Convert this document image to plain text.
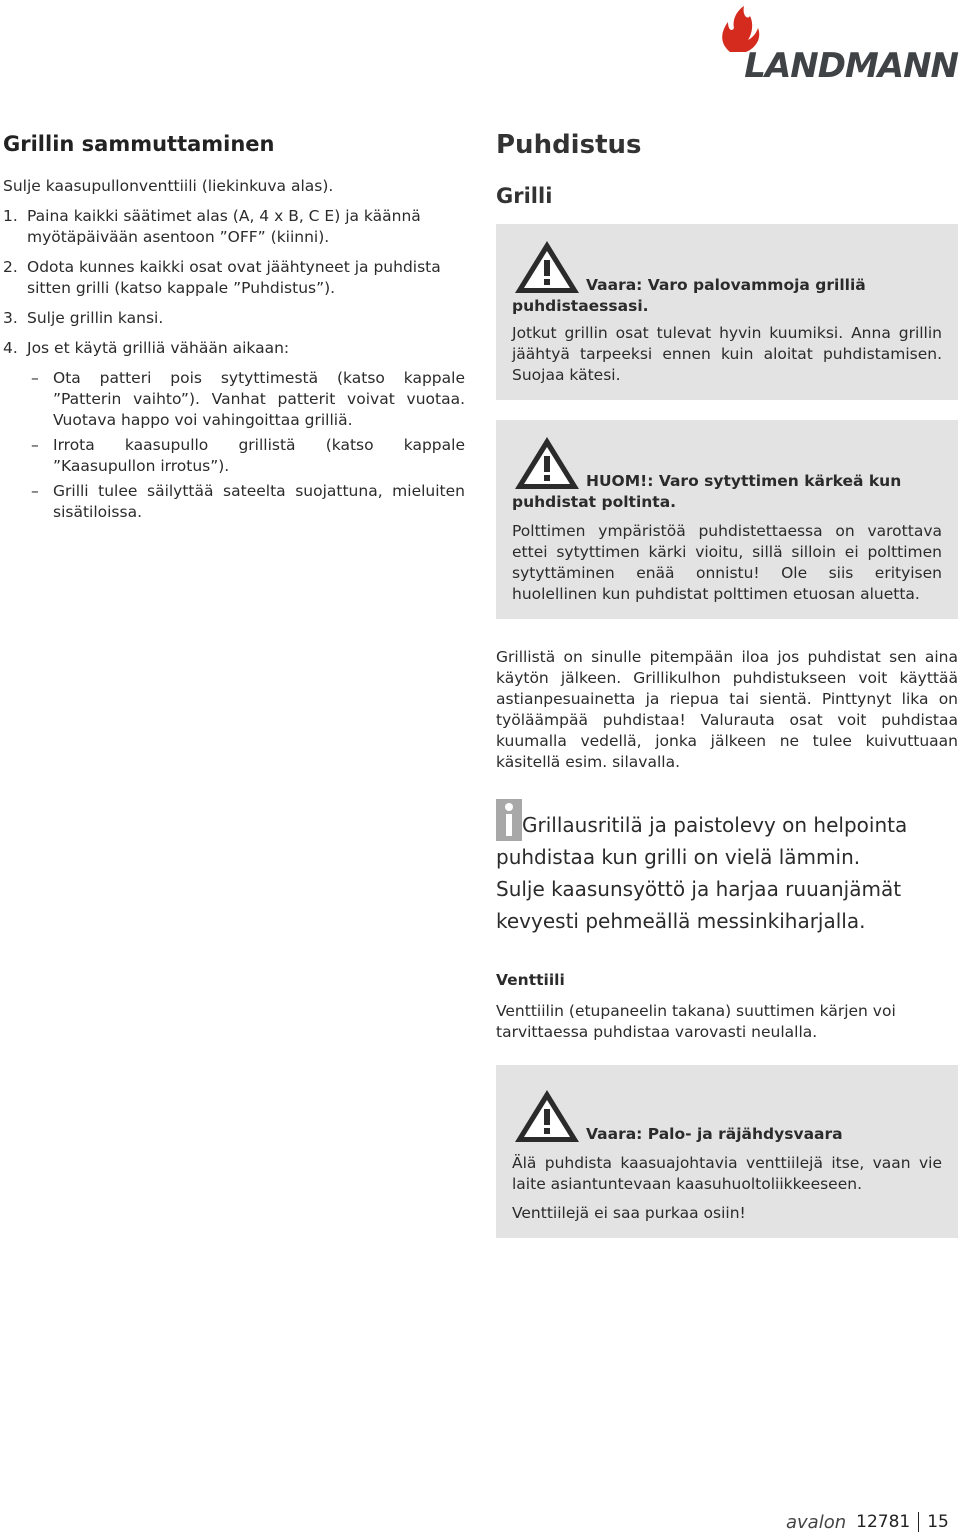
LANDMANN
Grillin sammuttaminen

Sulje kaasupullonventtiili (liekinkuva alas).

1. Paina kaikki säätimet alas (A, 4 x B, C E) ja käännä myötäpäivään asentoon ”OFF” (kiinni).
2. Odota kunnes kaikki osat ovat jäähtyneet ja puhdista sitten grilli (katso kappale ”Puhdistus”).
3. Sulje grillin kansi.
4. Jos et käytä grilliä vähään aikaan:
– Ota patteri pois sytyttimestä (katso kappale ”Patterin vaihto”). Vanhat patterit voivat vuotaa. Vuotava happo voi vahingoittaa grilliä.
– Irrota kaasupullo grillistä (katso kappale ”Kaasupullon irrotus”).
– Grilli tulee säilyttää sateelta suojattuna, mieluiten sisätiloissa.
Puhdistus
Grilli
Vaara: Varo palovammoja grilliä puhdistaessasi.
Jotkut grillin osat tulevat hyvin kuumiksi. Anna grillin jäähtyä tarpeeksi ennen kuin aloitat puhdistamisen. Suojaa kätesi.
HUOM!: Varo sytyttimen kärkeä kun puhdistat poltinta.
Polttimen ympäristöä puhdistettaessa on varottava ettei sytyttimen kärki vioitu, sillä silloin ei polttimen sytyttäminen enää onnistu! Ole siis erityisen huolellinen kun puhdistat polttimen etuosan aluetta.

Grillistä on sinulle pitempään iloa jos puhdistat sen aina käytön jälkeen. Grillikulhon puhdistukseen voit käyttää astianpesuainetta ja riepua tai sientä. Pinttynyt lika on työläämpää puhdistaa! Valurauta osat voit puhdistaa kuumalla vedellä, jonka jälkeen ne tulee kuivuttuaan käsitellä esim. silavalla.

Grillausritilä ja paistolevy on helpointa
puhdistaa kun grilli on vielä lämmin.
Sulje kaasunsyöttö ja harjaa ruuanjämät
kevyesti pehmeällä messinkiharjalla.
Venttiili

Venttiilin (etupaneelin takana) suuttimen kärjen voi tarvittaessa puhdistaa varovasti neulalla.

Vaara: Palo- ja räjähdysvaara
Älä puhdista kaasuajohtavia venttiilejä itse, vaan vie laite asiantuntevaan kaasuhuoltoliikkeeseen.
Venttiilejä ei saa purkaa osiin!
avalon 12781	15
